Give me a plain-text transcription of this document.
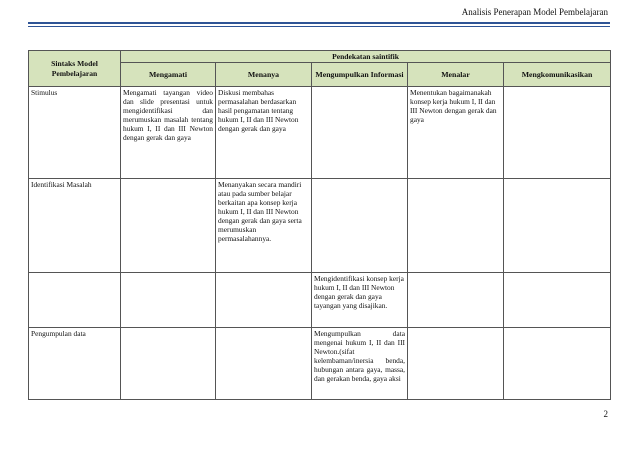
Analisis Penerapan Model Pembelajaran
Sintaks Model Pembelajaran	Pendekatan saintifik				
	Mengamati	Menanya	Mengumpulkan Informasi	Menalar	Mengkomunikasikan
Stimulus	Mengamati tayangan video dan slide presentasi untuk mengidentifikasi dan merumuskan masalah tentang hukum I, II dan III Newton dengan gerak dan gaya	Diskusi membahas permasalahan berdasarkan hasil pengamatan tentang hukum I, II dan III Newton dengan gerak dan gaya		Menentukan bagaimanakah konsep kerja hukum I, II dan III Newton dengan gerak dan gaya	
Identifikasi Masalah		Menanyakan secara mandiri atau pada sumber belajar berkaitan apa konsep kerja hukum I, II dan III Newton dengan gerak dan gaya serta merumuskan permasalahannya.			
			Mengidentifikasi konsep kerja hukum I, II dan III Newton dengan gerak dan gaya tayangan yang disajikan.		
Pengumpulan data			Mengumpulkan data mengenai hukum I, II dan III Newton.(sifat kelembaman/inersia benda, hubungan antara gaya, massa, dan gerakan benda, gaya aksi		
2
